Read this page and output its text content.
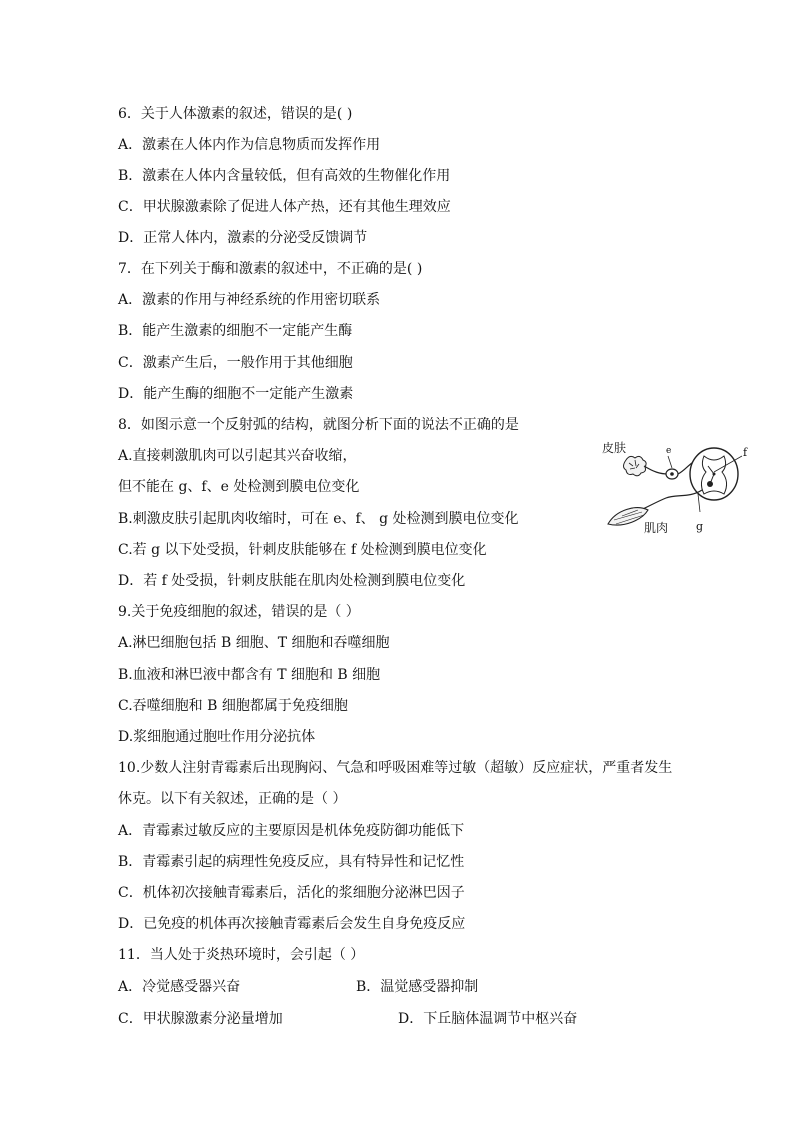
6．关于人体激素的叙述，错误的是( )
A．激素在人体内作为信息物质而发挥作用
B．激素在人体内含量较低，但有高效的生物催化作用
C．甲状腺激素除了促进人体产热，还有其他生理效应
D．正常人体内，激素的分泌受反馈调节
7．在下列关于酶和激素的叙述中，不正确的是( )
A．激素的作用与神经系统的作用密切联系
B．能产生激素的细胞不一定能产生酶
C．激素产生后，一般作用于其他细胞
D．能产生酶的细胞不一定能产生激素
8．如图示意一个反射弧的结构，就图分析下面的说法不正确的是
A.直接刺激肌肉可以引起其兴奋收缩，
但不能在 g、f、e 处检测到膜电位变化
B.刺激皮肤引起肌肉收缩时，可在 e、f、 g 处检测到膜电位变化
C.若 g 以下处受损，针刺皮肤能够在 f 处检测到膜电位变化
D．若 f 处受损，针刺皮肤能在肌肉处检测到膜电位变化
皮肤	e	f
肌肉	g
9.关于免疫细胞的叙述，错误的是（ ）
A.淋巴细胞包括 B 细胞、T 细胞和吞噬细胞
B.血液和淋巴液中都含有 T 细胞和 B 细胞
C.吞噬细胞和 B 细胞都属于免疫细胞
D.浆细胞通过胞吐作用分泌抗体
10.少数人注射青霉素后出现胸闷、气急和呼吸困难等过敏（超敏）反应症状，严重者发生
休克。以下有关叙述，正确的是（ ）
A．青霉素过敏反应的主要原因是机体免疫防御功能低下
B．青霉素引起的病理性免疫反应，具有特异性和记忆性
C．机体初次接触青霉素后，活化的浆细胞分泌淋巴因子
D．已免疫的机体再次接触青霉素后会发生自身免疫反应
11．当人处于炎热环境时，会引起（ ）
A．冷觉感受器兴奋	B．温觉感受器抑制
C．甲状腺激素分泌量增加	D．下丘脑体温调节中枢兴奋
